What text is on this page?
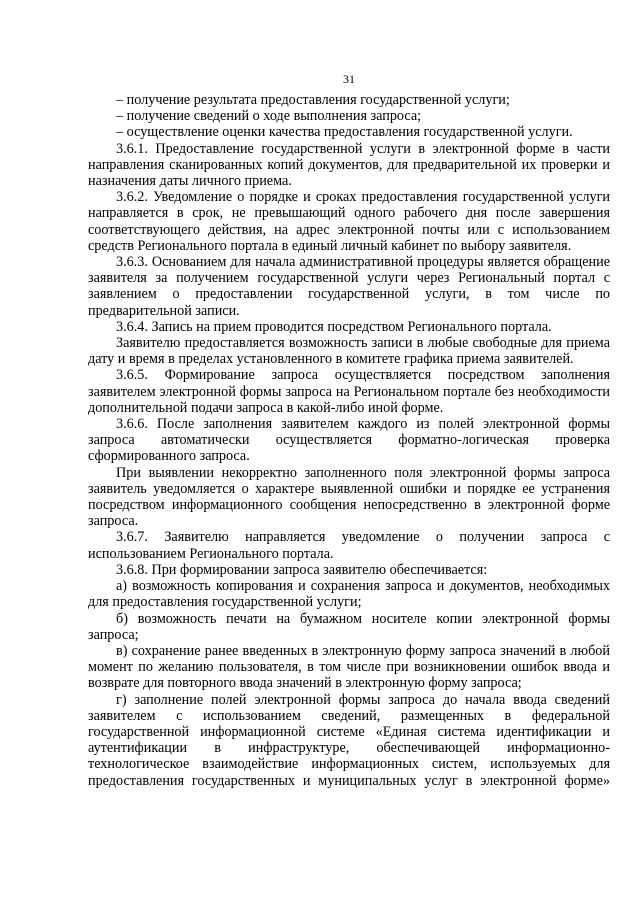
31

– получение результата предоставления государственной услуги;

– получение сведений о ходе выполнения запроса;

– осуществление оценки качества предоставления государственной услуги.

3.6.1. Предоставление государственной услуги в электронной форме в части направления сканированных копий документов, для предварительной их проверки и назначения даты личного приема.

3.6.2. Уведомление о порядке и сроках предоставления государственной услуги направляется в срок, не превышающий одного рабочего дня после завершения соответствующего действия, на адрес электронной почты или с использованием средств Регионального портала в единый личный кабинет по выбору заявителя.

3.6.3. Основанием для начала административной процедуры является обращение заявителя за получением государственной услуги через Региональный портал с заявлением о предоставлении государственной услуги, в том числе по предварительной записи.

3.6.4. Запись на прием проводится посредством Регионального портала.

Заявителю предоставляется возможность записи в любые свободные для приема дату и время в пределах установленного в комитете графика приема заявителей.

3.6.5. Формирование запроса осуществляется посредством заполнения заявителем электронной формы запроса на Региональном портале без необходимости дополнительной подачи запроса в какой-либо иной форме.

3.6.6. После заполнения заявителем каждого из полей электронной формы запроса автоматически осуществляется форматно-логическая проверка сформированного запроса.

При выявлении некорректно заполненного поля электронной формы запроса заявитель уведомляется о характере выявленной ошибки и порядке ее устранения посредством информационного сообщения непосредственно в электронной форме запроса.

3.6.7. Заявителю направляется уведомление о получении запроса с использованием Регионального портала.

3.6.8. При формировании запроса заявителю обеспечивается:

а) возможность копирования и сохранения запроса и документов, необходимых для предоставления государственной услуги;

б) возможность печати на бумажном носителе копии электронной формы запроса;

в) сохранение ранее введенных в электронную форму запроса значений в любой момент по желанию пользователя, в том числе при возникновении ошибок ввода и возврате для повторного ввода значений в электронную форму запроса;

г) заполнение полей электронной формы запроса до начала ввода сведений заявителем с использованием сведений, размещенных в федеральной государственной информационной системе «Единая система идентификации и аутентификации в инфраструктуре, обеспечивающей информационно-технологическое взаимодействие информационных систем, используемых для предоставления государственных и муниципальных услуг в электронной форме»
